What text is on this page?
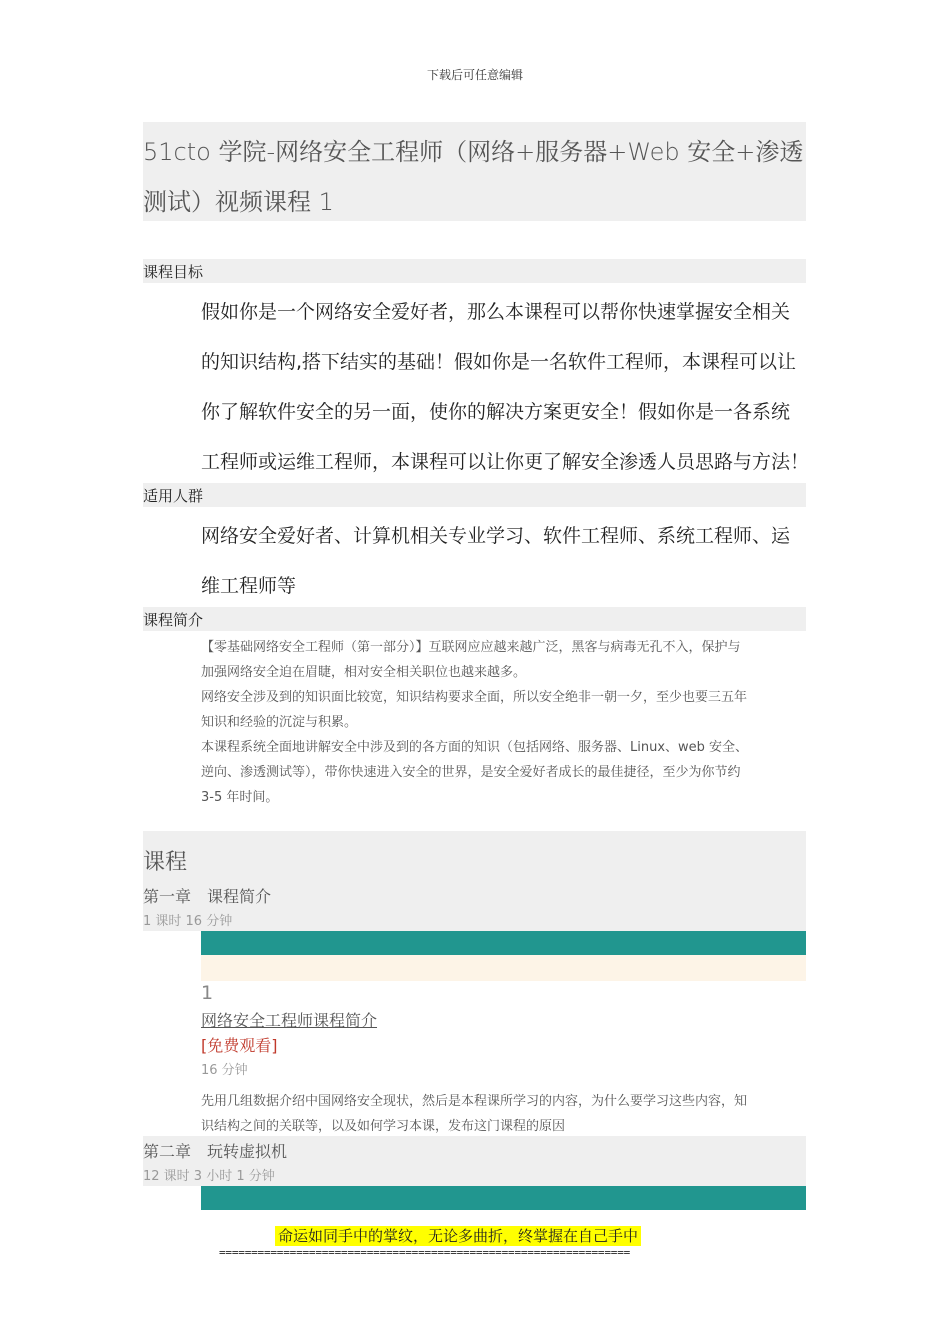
下载后可任意编辑
51cto 学院-网络安全工程师（网络+服务器+Web 安全+渗透
测试）视频课程 1
课程目标
假如你是一个网络安全爱好者，那么本课程可以帮你快速掌握安全相关
的知识结构,搭下结实的基础！假如你是一名软件工程师，本课程可以让
你了解软件安全的另一面，使你的解决方案更安全！假如你是一各系统
工程师或运维工程师，本课程可以让你更了解安全渗透人员思路与方法！
适用人群
网络安全爱好者、计算机相关专业学习、软件工程师、系统工程师、运
维工程师等
课程简介
【零基础网络安全工程师（第一部分）】互联网应应越来越广泛，黑客与病毒无孔不入，保护与
加强网络安全迫在眉睫，相对安全相关职位也越来越多。
网络安全涉及到的知识面比较宽，知识结构要求全面，所以安全绝非一朝一夕，至少也要三五年
知识和经验的沉淀与积累。
本课程系统全面地讲解安全中涉及到的各方面的知识（包括网络、服务器、Linux、web 安全、
逆向、渗透测试等），带你快速进入安全的世界，是安全爱好者成长的最佳捷径，至少为你节约
3-5 年时间。
课程
第一章　课程简介
1 课时 16 分钟
1
网络安全工程师课程简介
[免费观看]
16 分钟
先用几组数据介绍中国网络安全现状，然后是本程课所学习的内容，为什么要学习这些内容，知
识结构之间的关联等，以及如何学习本课，发布这门课程的原因
第二章　玩转虚拟机
12 课时 3 小时 1 分钟
命运如同手中的掌纹，无论多曲折，终掌握在自己手中
================================================================
